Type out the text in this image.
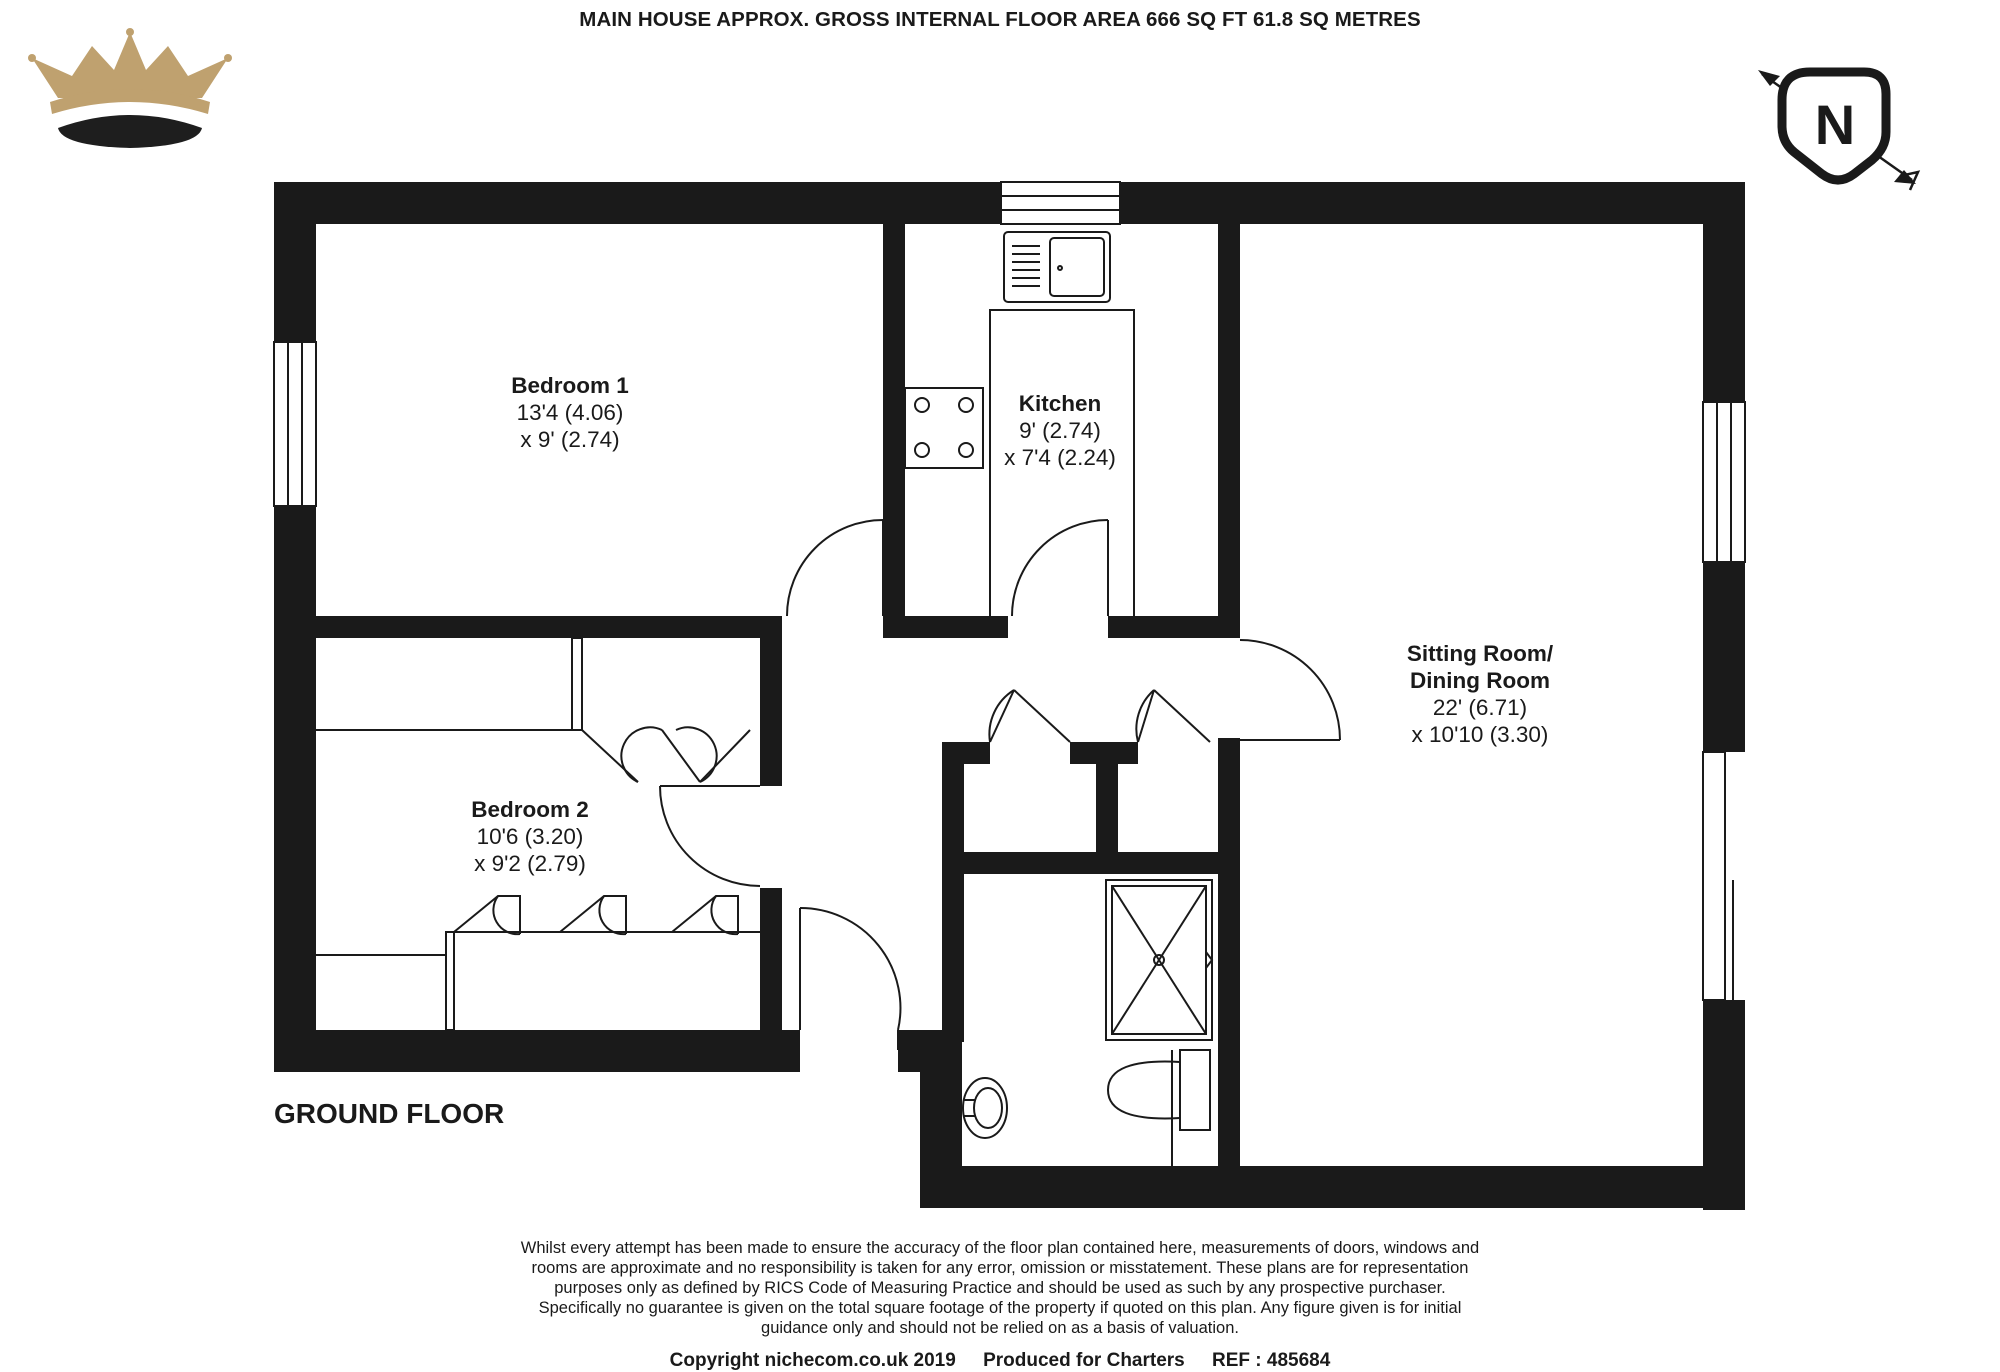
MAIN HOUSE APPROX. GROSS INTERNAL FLOOR AREA 666 SQ FT 61.8 SQ METRES
N
Bedroom 1
13'4 (4.06)
x 9' (2.74)
Kitchen
9' (2.74)
x 7'4 (2.24)
Sitting Room/
Dining Room
22' (6.71)
x 10'10 (3.30)
Bedroom 2
10'6 (3.20)
x 9'2 (2.79)
GROUND FLOOR
Whilst every attempt has been made to ensure the accuracy of the floor plan contained here, measurements of doors, windows and
rooms are approximate and no responsibility is taken for any error, omission or misstatement. These plans are for representation
purposes only as defined by RICS Code of Measuring Practice and should be used as such by any prospective purchaser.
Specifically no guarantee is given on the total square footage of the property if quoted on this plan. Any figure given is for initial
guidance only and should not be relied on as a basis of valuation.
Copyright nichecom.co.uk 2019 Produced for Charters REF : 485684
